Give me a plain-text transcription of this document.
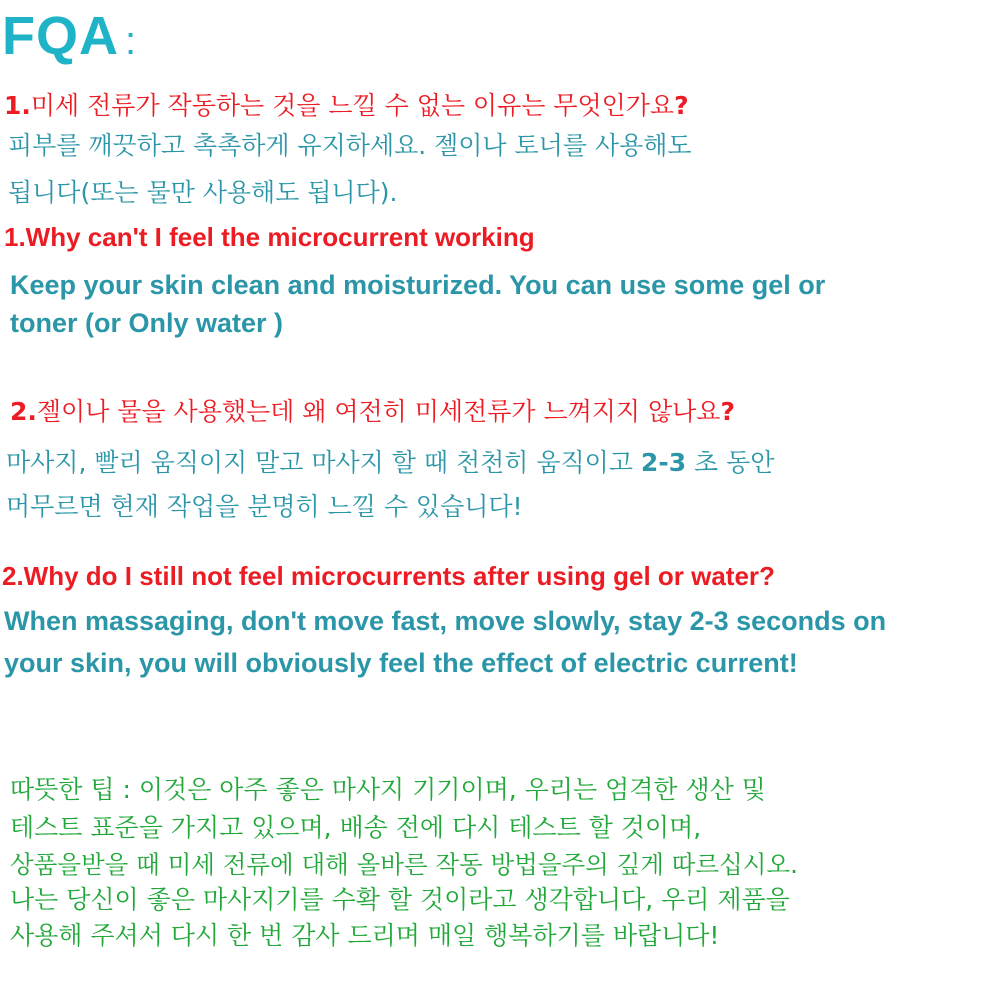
FQA :
1.미세 전류가 작동하는 것을 느낄 수 없는 이유는 무엇인가요?
피부를 깨끗하고 촉촉하게 유지하세요. 젤이나 토너를 사용해도
됩니다(또는 물만 사용해도 됩니다).
1.Why can't I feel the microcurrent working
Keep your skin clean and moisturized. You can use some gel or
toner (or Only water )
2.젤이나 물을 사용했는데 왜 여전히 미세전류가 느껴지지 않나요?
마사지, 빨리 움직이지 말고 마사지 할 때 천천히 움직이고 2-3 초 동안
머무르면 현재 작업을 분명히 느낄 수 있습니다!
2.Why do I still not feel microcurrents after using gel or water?
When massaging, don't move fast, move slowly, stay 2-3 seconds on
your skin, you will obviously feel the effect of electric current!
따뜻한 팁 : 이것은 아주 좋은 마사지 기기이며, 우리는 엄격한 생산 및
테스트 표준을 가지고 있으며, 배송 전에 다시 테스트 할 것이며,
상품을받을 때 미세 전류에 대해 올바른 작동 방법을주의 깊게 따르십시오.
나는 당신이 좋은 마사지기를 수확 할 것이라고 생각합니다, 우리 제품을
사용해 주셔서 다시 한 번 감사 드리며 매일 행복하기를 바랍니다!
